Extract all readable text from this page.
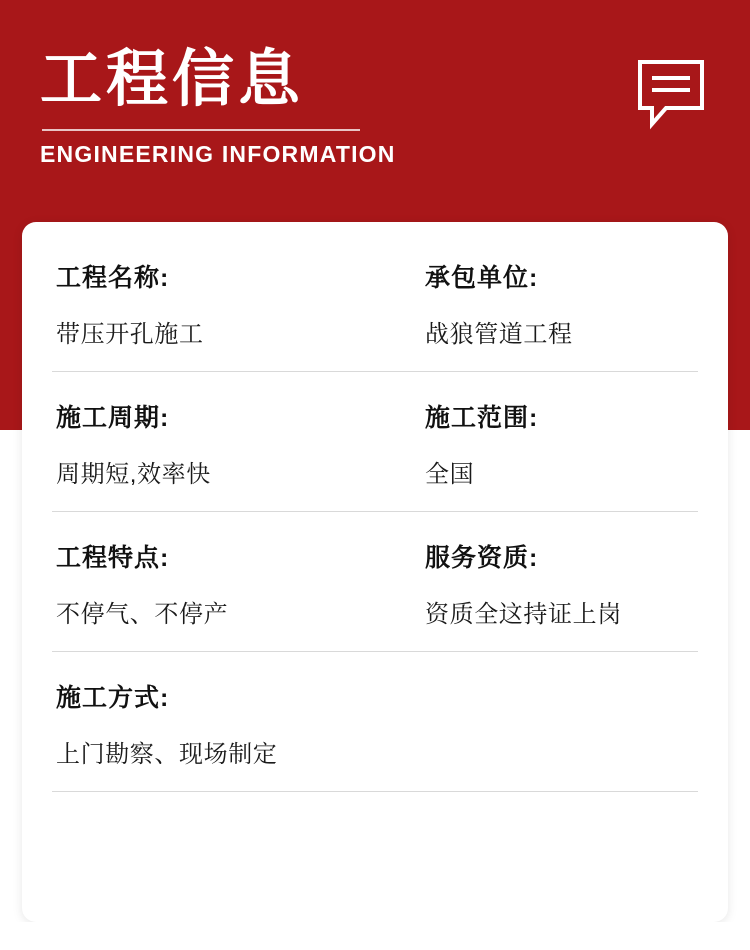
工程信息
ENGINEERING INFORMATION
工程名称:
带压开孔施工
承包单位:
战狼管道工程
施工周期:
周期短,效率快
施工范围:
全国
工程特点:
不停气、不停产
服务资质:
资质全这持证上岗
施工方式:
上门勘察、现场制定
